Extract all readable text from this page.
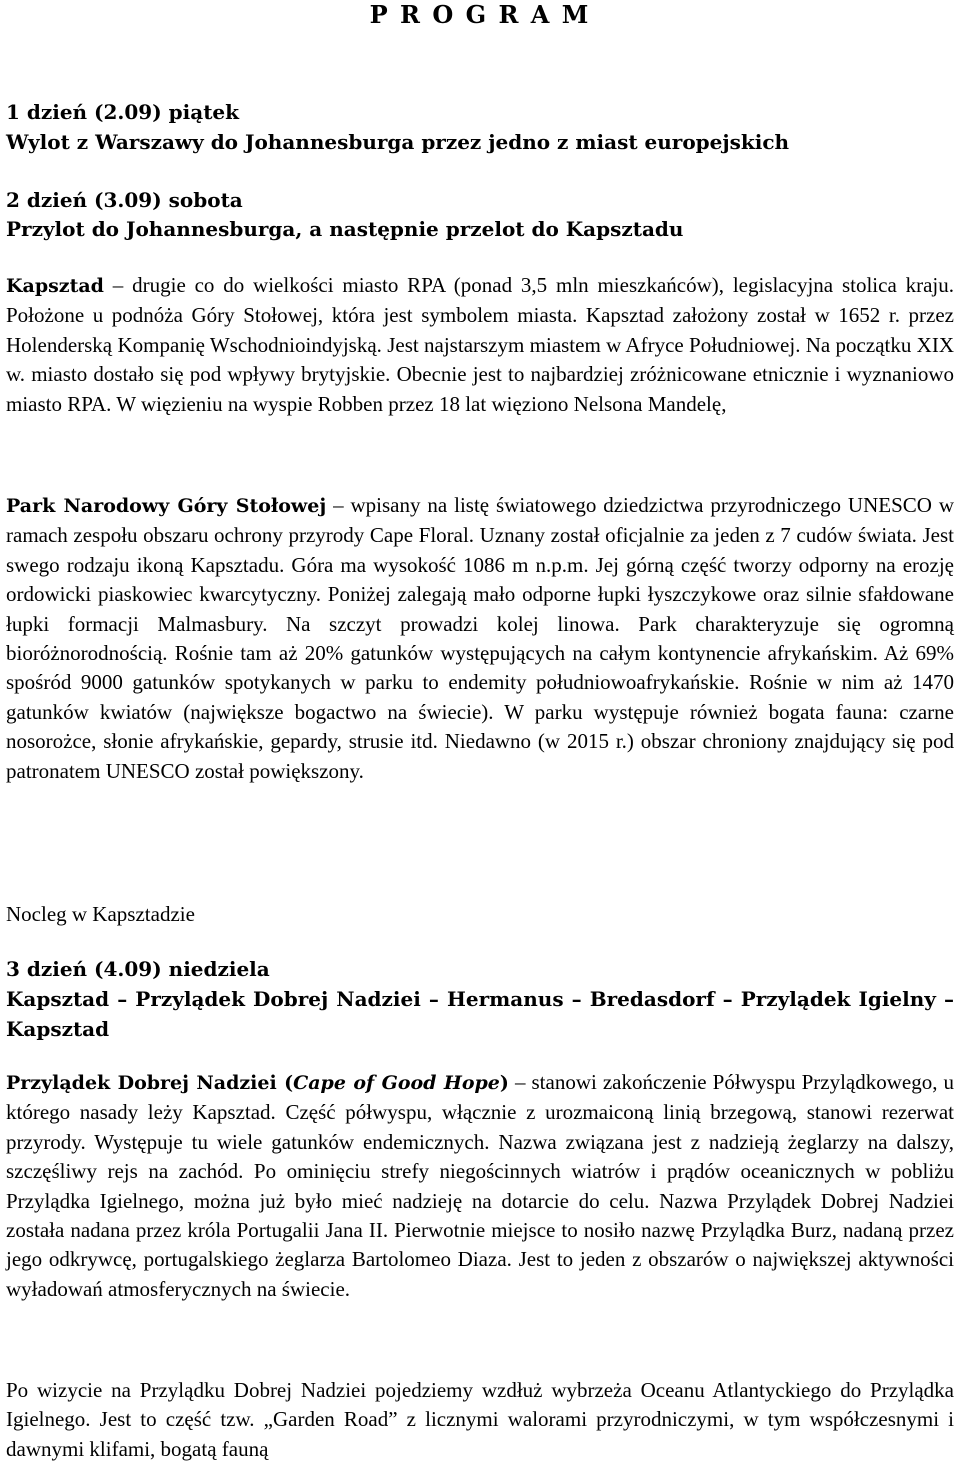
P R O G R A M
1 dzień (2.09) piątek
Wylot z Warszawy do Johannesburga przez jedno z miast europejskich
2 dzień (3.09) sobota
Przylot do Johannesburga, a następnie przelot do Kapsztadu
Kapsztad – drugie co do wielkości miasto RPA (ponad 3,5 mln mieszkańców), legislacyjna stolica kraju. Położone u podnóża Góry Stołowej, która jest symbolem miasta. Kapsztad założony został w 1652 r. przez Holenderską Kompanię Wschodnioindyjską. Jest najstarszym miastem w Afryce Południowej. Na początku XIX w. miasto dostało się pod wpływy brytyjskie. Obecnie jest to najbardziej zróżnicowane etnicznie i wyznaniowo miasto RPA. W więzieniu na wyspie Robben przez 18 lat więziono Nelsona Mandelę,
Park Narodowy Góry Stołowej – wpisany na listę światowego dziedzictwa przyrodniczego UNESCO w ramach zespołu obszaru ochrony przyrody Cape Floral. Uznany został oficjalnie za jeden z 7 cudów świata. Jest swego rodzaju ikoną Kapsztadu. Góra ma wysokość 1086 m n.p.m. Jej górną część tworzy odporny na erozję ordowicki piaskowiec kwarcytyczny. Poniżej zalegają mało odporne łupki łyszczykowe oraz silnie sfałdowane łupki formacji Malmasbury. Na szczyt prowadzi kolej linowa. Park charakteryzuje się ogromną bioróżnorodnością. Rośnie tam aż 20% gatunków występujących na całym kontynencie afrykańskim. Aż 69% spośród 9000 gatunków spotykanych w parku to endemity południowoafrykańskie. Rośnie w nim aż 1470 gatunków kwiatów (największe bogactwo na świecie). W parku występuje również bogata fauna: czarne nosorożce, słonie afrykańskie, gepardy, strusie itd. Niedawno (w 2015 r.) obszar chroniony znajdujący się pod patronatem UNESCO został powiększony.
Nocleg w Kapsztadzie
3 dzień (4.09) niedziela
Kapsztad – Przylądek Dobrej Nadziei – Hermanus – Bredasdorf – Przylądek Igielny – Kapsztad
Przylądek Dobrej Nadziei (Cape of Good Hope) – stanowi zakończenie Półwyspu Przylądkowego, u którego nasady leży Kapsztad. Część półwyspu, włącznie z urozmaiconą linią brzegową, stanowi rezerwat przyrody. Występuje tu wiele gatunków endemicznych. Nazwa związana jest z nadzieją żeglarzy na dalszy, szczęśliwy rejs na zachód. Po ominięciu strefy niegościnnych wiatrów i prądów oceanicznych w pobliżu Przylądka Igielnego, można już było mieć nadzieję na dotarcie do celu. Nazwa Przylądek Dobrej Nadziei została nadana przez króla Portugalii Jana II. Pierwotnie miejsce to nosiło nazwę Przylądka Burz, nadaną przez jego odkrywcę, portugalskiego żeglarza Bartolomeo Diaza. Jest to jeden z obszarów o największej aktywności wyładowań atmosferycznych na świecie.
Po wizycie na Przylądku Dobrej Nadziei pojedziemy wzdłuż wybrzeża Oceanu Atlantyckiego do Przylądka Igielnego. Jest to część tzw. „Garden Road” z licznymi walorami przyrodniczymi, w tym współczesnymi i dawnymi klifami, bogatą fauną
